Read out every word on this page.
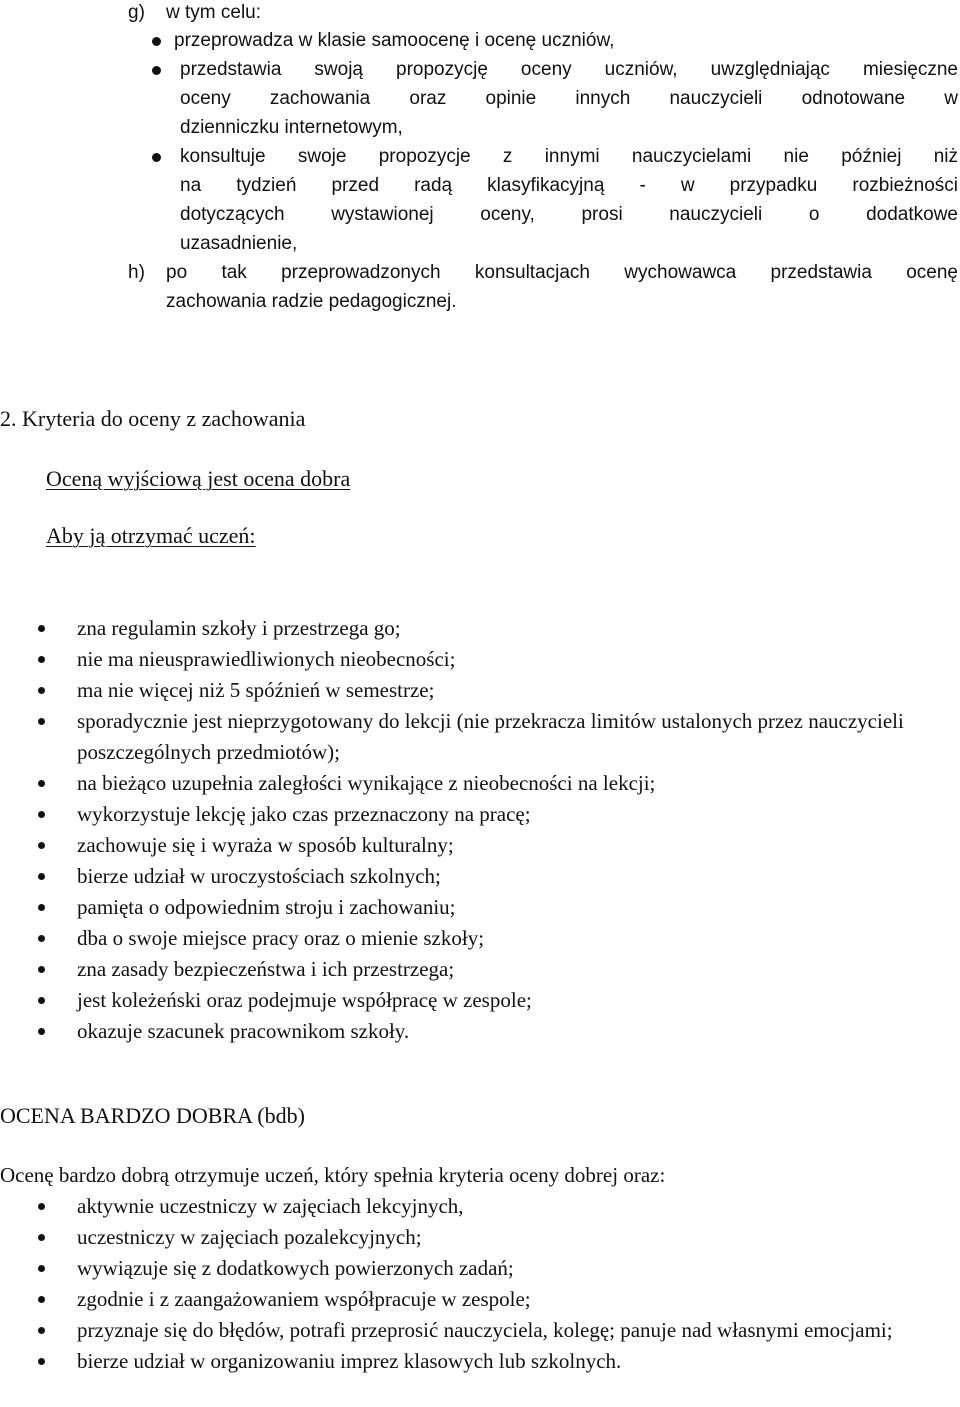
g) w tym celu:
przeprowadza w klasie samoocenę i ocenę uczniów,
przedstawia swoją propozycję oceny uczniów, uwzględniając miesięczne
oceny zachowania oraz opinie innych nauczycieli odnotowane w
dzienniczku internetowym,
konsultuje swoje propozycje z innymi nauczycielami nie później niż
na tydzień przed radą klasyfikacyjną - w przypadku rozbieżności
dotyczących wystawionej oceny, prosi nauczycieli o dodatkowe
uzasadnienie,
h) po tak przeprowadzonych konsultacjach wychowawca przedstawia ocenę
zachowania radzie pedagogicznej.
2. Kryteria do oceny z zachowania
Oceną wyjściową jest ocena dobra
Aby ją otrzymać uczeń:
zna regulamin szkoły i przestrzega go;
nie ma nieusprawiedliwionych nieobecności;
ma nie więcej niż 5 spóźnień w semestrze;
sporadycznie jest nieprzygotowany do lekcji (nie przekracza limitów ustalonych przez nauczycieli poszczególnych przedmiotów);
na bieżąco uzupełnia zaległości wynikające z nieobecności na lekcji;
wykorzystuje lekcję jako czas przeznaczony na pracę;
zachowuje się i wyraża w sposób kulturalny;
bierze udział w uroczystościach szkolnych;
pamięta o odpowiednim stroju i zachowaniu;
dba o swoje miejsce pracy oraz o mienie szkoły;
zna zasady bezpieczeństwa i ich przestrzega;
jest koleżeński oraz podejmuje współpracę w zespole;
okazuje szacunek pracownikom szkoły.
OCENA BARDZO DOBRA (bdb)
Ocenę bardzo dobrą otrzymuje uczeń, który spełnia kryteria oceny dobrej oraz:
aktywnie uczestniczy w zajęciach lekcyjnych,
uczestniczy w zajęciach pozalekcyjnych;
wywiązuje się z dodatkowych powierzonych zadań;
zgodnie i z zaangażowaniem współpracuje w zespole;
przyznaje się do błędów, potrafi przeprosić nauczyciela, kolegę; panuje nad własnymi emocjami;
bierze udział w organizowaniu imprez klasowych lub szkolnych.
